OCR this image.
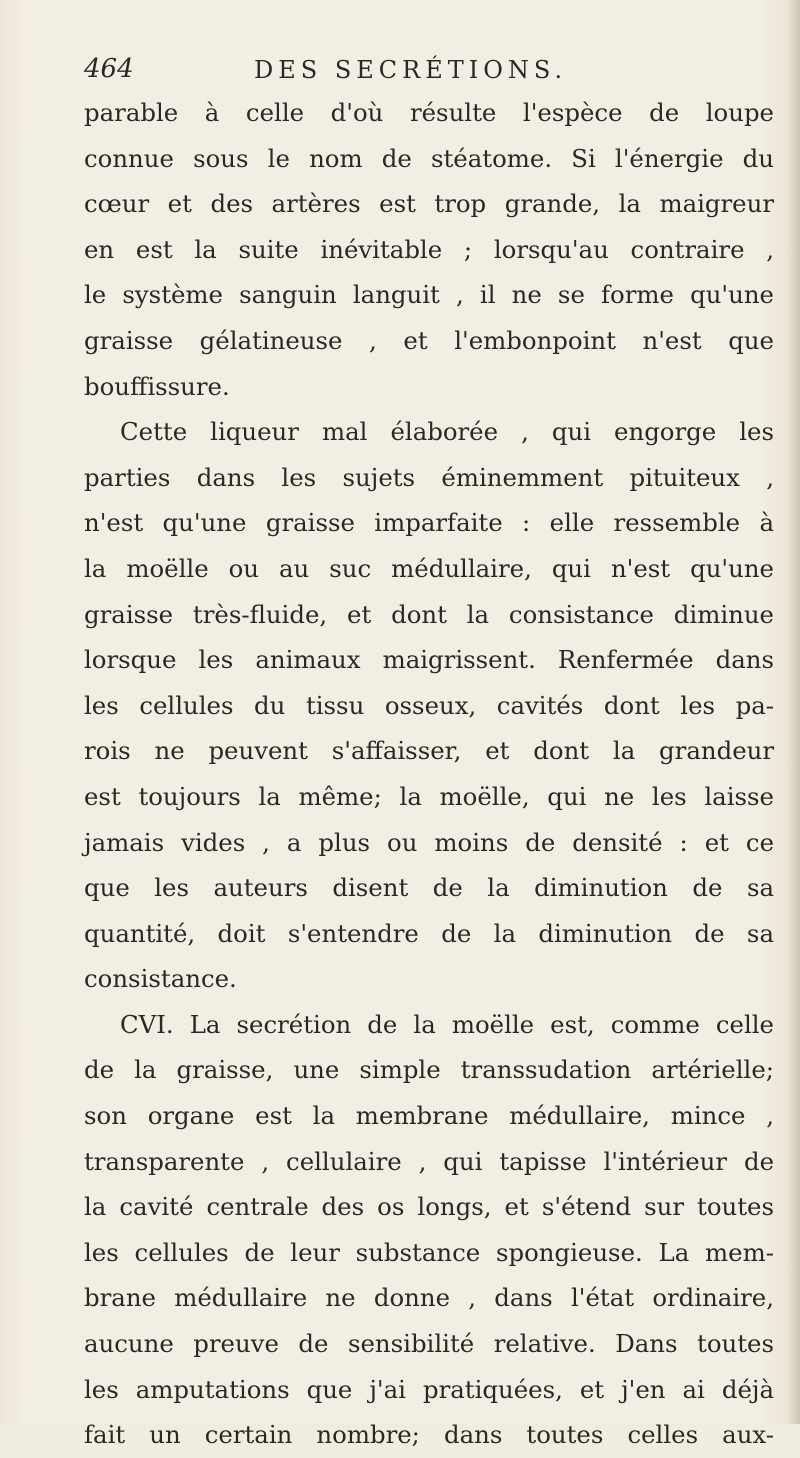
464	DES SECRÉTIONS.
parable à celle d'où résulte l'espèce de loupe
connue sous le nom de stéatome. Si l'énergie du
cœur et des artères est trop grande, la maigreur
en est la suite inévitable ; lorsqu'au contraire ,
le système sanguin languit , il ne se forme qu'une
graisse gélatineuse , et l'embonpoint n'est que
bouffissure.
Cette liqueur mal élaborée , qui engorge les
parties dans les sujets éminemment pituiteux ,
n'est qu'une graisse imparfaite : elle ressemble à
la moëlle ou au suc médullaire, qui n'est qu'une
graisse très-fluide, et dont la consistance diminue
lorsque les animaux maigrissent. Renfermée dans
les cellules du tissu osseux, cavités dont les pa-
rois ne peuvent s'affaisser, et dont la grandeur
est toujours la même; la moëlle, qui ne les laisse
jamais vides , a plus ou moins de densité : et ce
que les auteurs disent de la diminution de sa
quantité, doit s'entendre de la diminution de sa
consistance.
CVI. La secrétion de la moëlle est, comme celle
de la graisse, une simple transsudation artérielle;
son organe est la membrane médullaire, mince ,
transparente , cellulaire , qui tapisse l'intérieur de
la cavité centrale des os longs, et s'étend sur toutes
les cellules de leur substance spongieuse. La mem-
brane médullaire ne donne , dans l'état ordinaire,
aucune preuve de sensibilité relative. Dans toutes
les amputations que j'ai pratiquées, et j'en ai déjà
fait un certain nombre; dans toutes celles aux-
